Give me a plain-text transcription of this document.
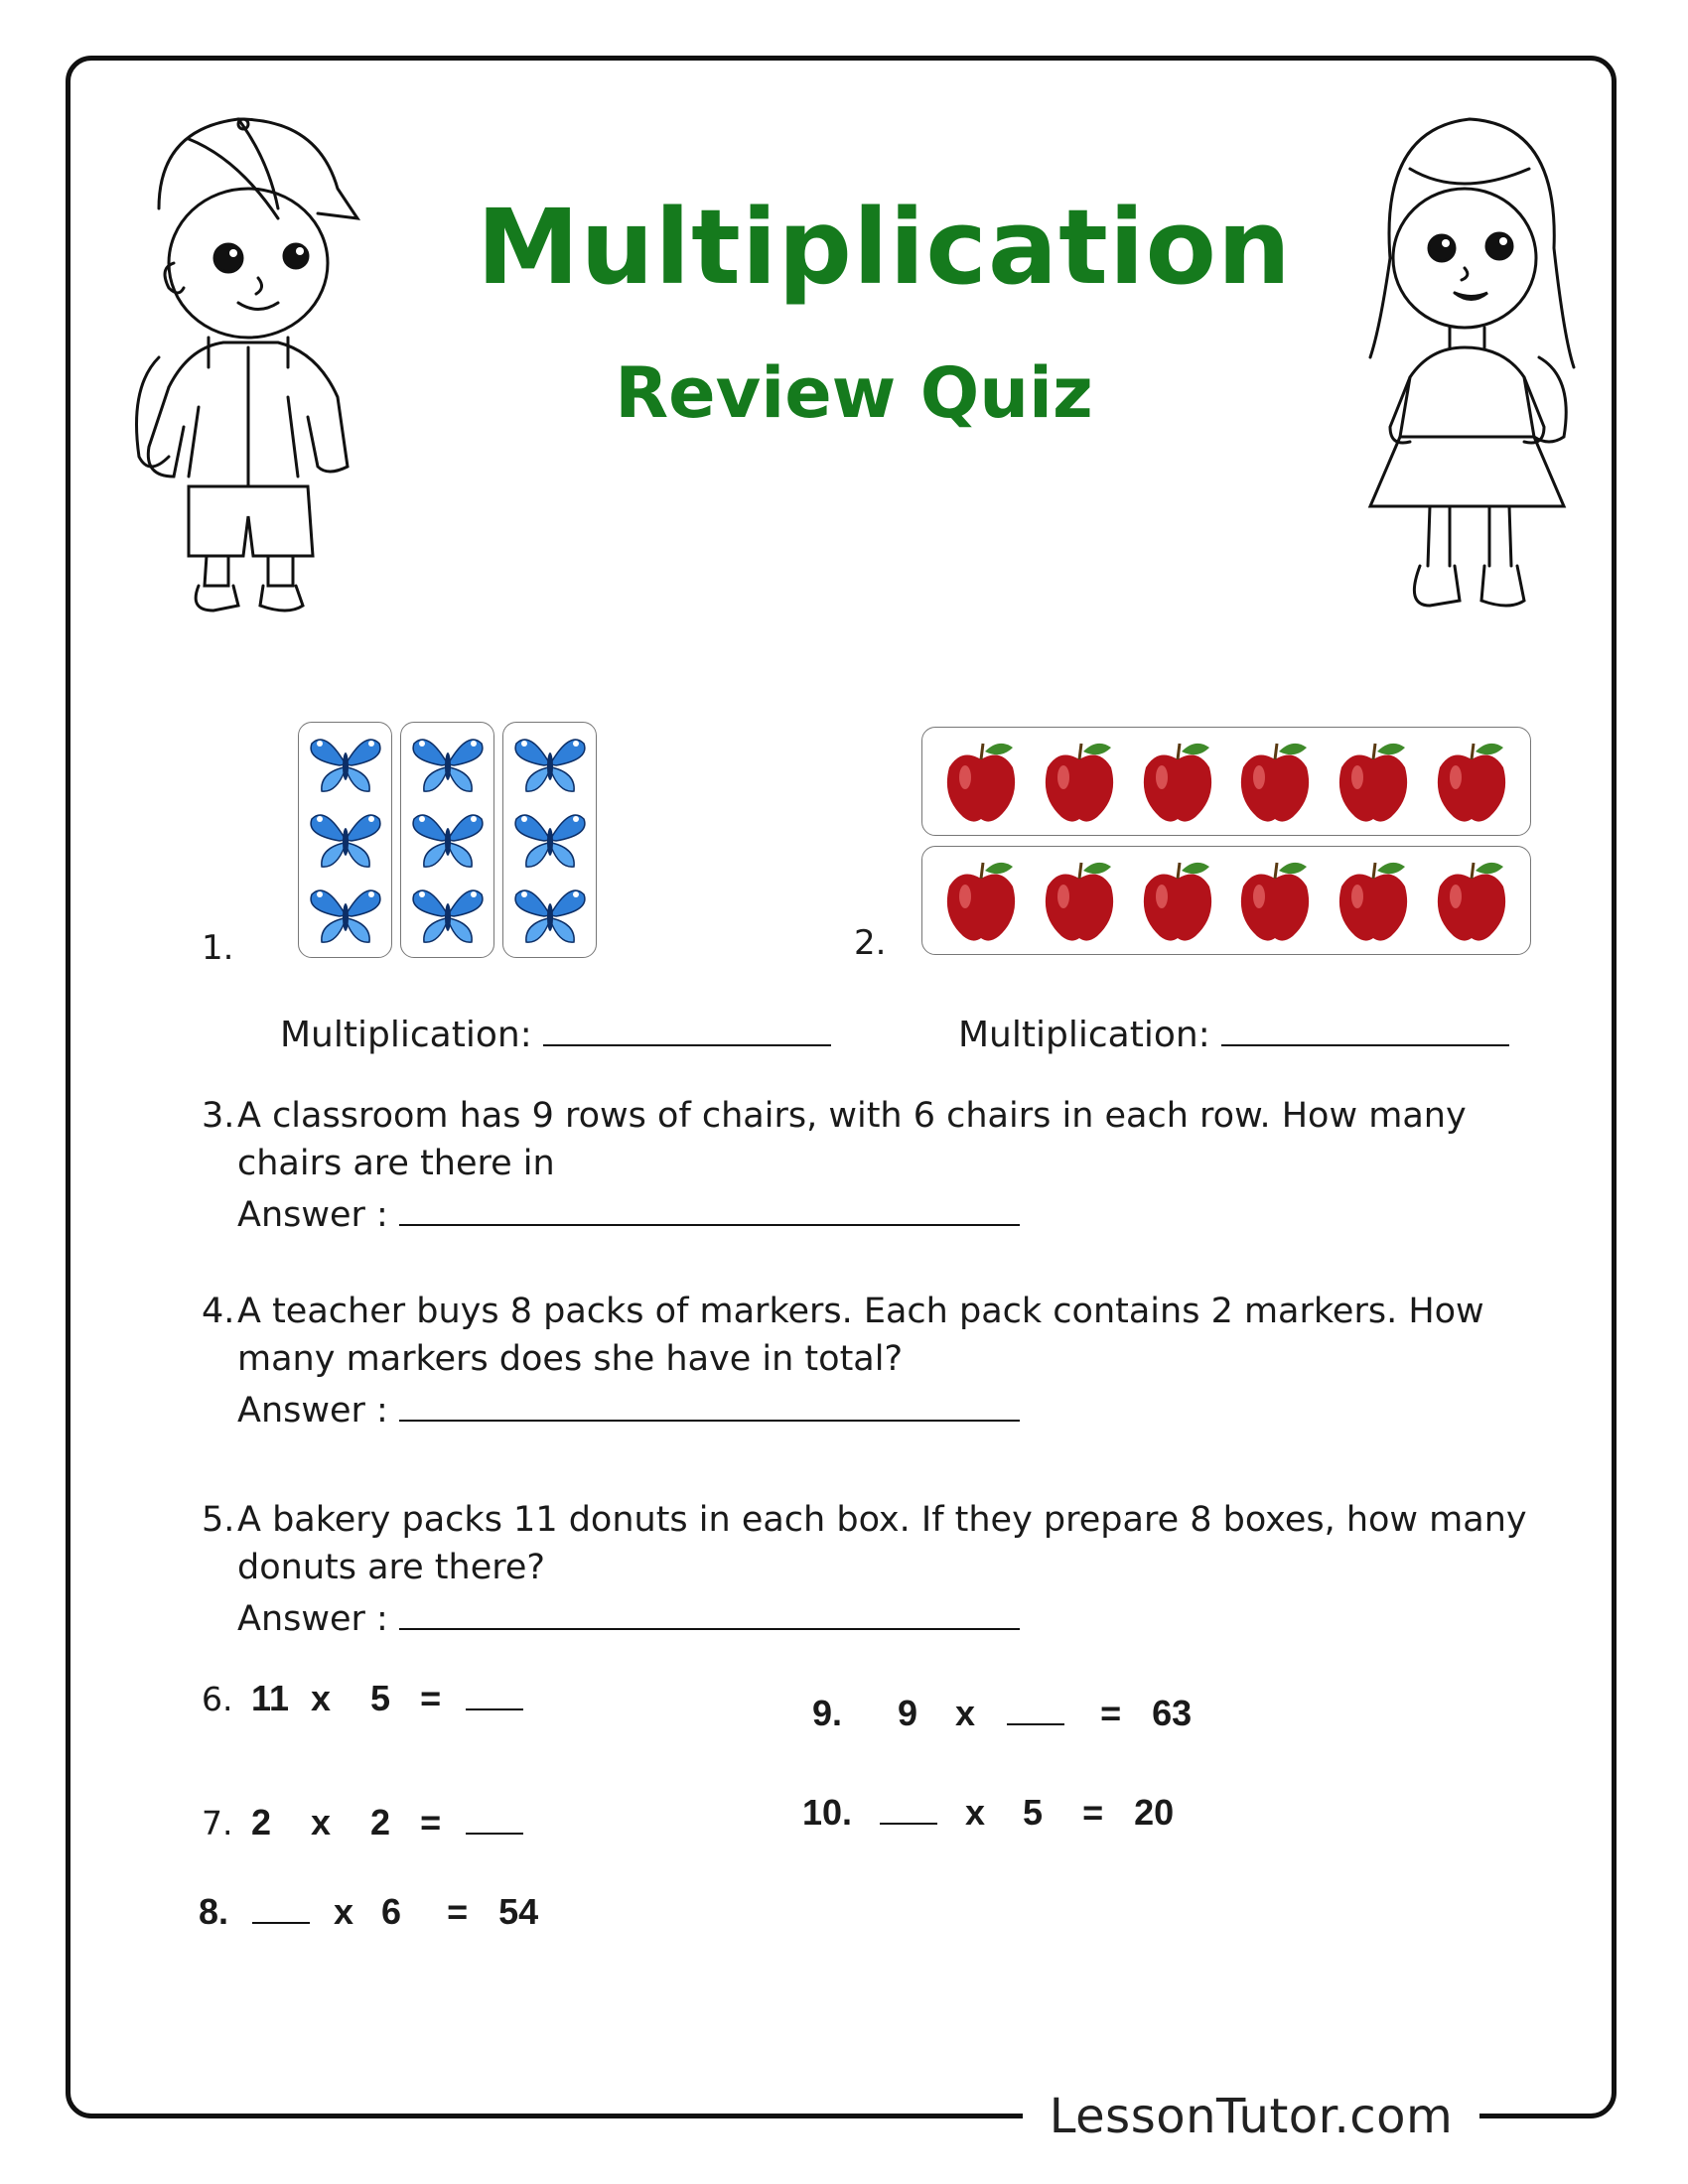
LessonTutor.com
Multiplication
Review Quiz
1.
Multiplication:
2.
Multiplication:
3. A classroom has 9 rows of chairs, with 6 chairs in each row. How many chairs are there in
Answer :
4. A teacher buys 8 packs of markers. Each pack contains 2 markers. How many markers does she have in total?
Answer :
5. A bakery packs 11 donuts in each box. If they prepare 8 boxes, how many donuts are there?
Answer :
6. 11 x 5 =
7. 2 x 2 =
8.	x 6 = 54
9. 9 x	= 63
10.	x 5 = 20
